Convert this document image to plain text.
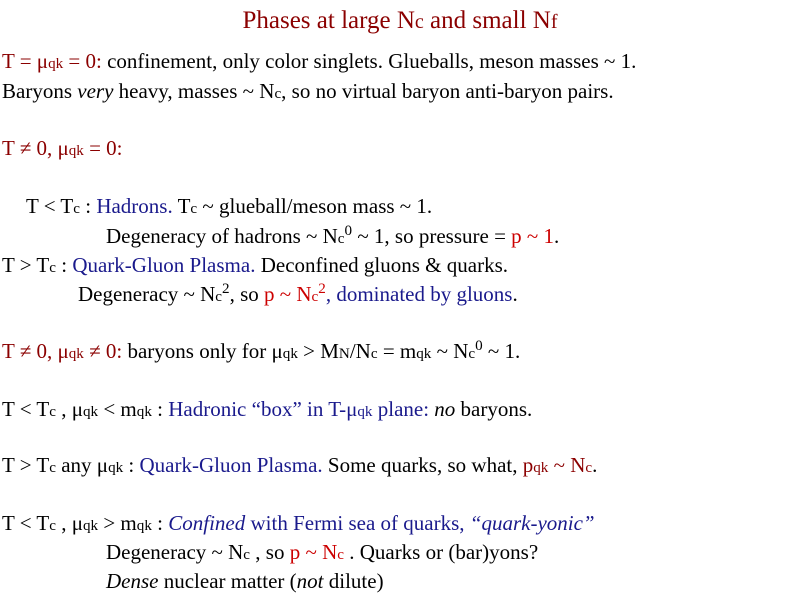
Phases at large Nc and small Nf
T = μqk = 0: confinement, only color singlets. Glueballs, meson masses ~ 1.
Baryons very heavy, masses ~ Nc, so no virtual baryon anti-baryon pairs.
T ≠ 0, μqk = 0:
T < Tc : Hadrons. Tc ~ glueball/meson mass ~ 1.
Degeneracy of hadrons ~ Nc$^0$ ~ 1, so pressure = p ~ 1.
T > Tc : Quark-Gluon Plasma. Deconfined gluons & quarks.
Degeneracy ~ Nc$^2$, so p ~ Nc$^2$, dominated by gluons.
T ≠ 0, μqk ≠ 0: baryons only for μqk > MN/Nc = mqk ~ Nc$^0$ ~ 1.
T < Tc , μqk < mqk : Hadronic “box” in T-μqk plane: no baryons.
T > Tc any μqk : Quark-Gluon Plasma. Some quarks, so what, pqk ~ Nc.
T < Tc , μqk > mqk : Confined with Fermi sea of quarks, “quark-yonic”
Degeneracy ~ Nc , so p ~ Nc . Quarks or (bar)yons?
Dense nuclear matter (not dilute)
